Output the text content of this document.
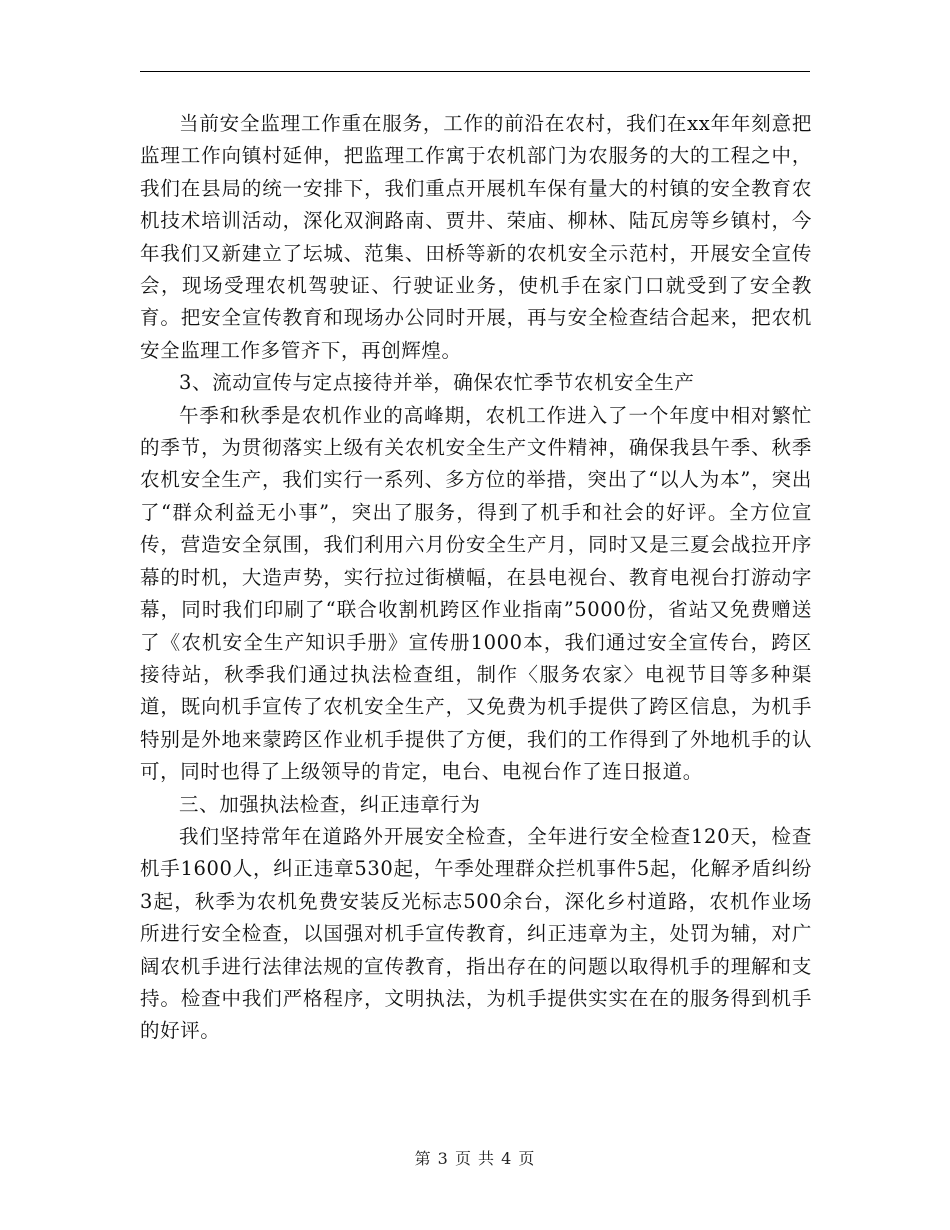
当前安全监理工作重在服务，工作的前沿在农村，我们在xx年年刻意把监理工作向镇村延伸，把监理工作寓于农机部门为农服务的大的工程之中，我们在县局的统一安排下，我们重点开展机车保有量大的村镇的安全教育农机技术培训活动，深化双涧路南、贾井、荣庙、柳林、陆瓦房等乡镇村，今年我们又新建立了坛城、范集、田桥等新的农机安全示范村，开展安全宣传会，现场受理农机驾驶证、行驶证业务，使机手在家门口就受到了安全教育。把安全宣传教育和现场办公同时开展，再与安全检查结合起来，把农机安全监理工作多管齐下，再创辉煌。

3、流动宣传与定点接待并举，确保农忙季节农机安全生产

午季和秋季是农机作业的高峰期，农机工作进入了一个年度中相对繁忙的季节，为贯彻落实上级有关农机安全生产文件精神，确保我县午季、秋季农机安全生产，我们实行一系列、多方位的举措，突出了“以人为本”，突出了“群众利益无小事”，突出了服务，得到了机手和社会的好评。全方位宣传，营造安全氛围，我们利用六月份安全生产月，同时又是三夏会战拉开序幕的时机，大造声势，实行拉过街横幅，在县电视台、教育电视台打游动字幕，同时我们印刷了“联合收割机跨区作业指南”5000份，省站又免费赠送了《农机安全生产知识手册》宣传册1000本，我们通过安全宣传台，跨区接待站，秋季我们通过执法检查组，制作〈服务农家〉电视节目等多种渠道，既向机手宣传了农机安全生产，又免费为机手提供了跨区信息，为机手特别是外地来蒙跨区作业机手提供了方便，我们的工作得到了外地机手的认可，同时也得了上级领导的肯定，电台、电视台作了连日报道。

三、加强执法检查，纠正违章行为

我们坚持常年在道路外开展安全检查，全年进行安全检查120天，检查机手1600人，纠正违章530起，午季处理群众拦机事件5起，化解矛盾纠纷3起，秋季为农机免费安装反光标志500余台，深化乡村道路，农机作业场所进行安全检查，以国强对机手宣传教育，纠正违章为主，处罚为辅，对广阔农机手进行法律法规的宣传教育，指出存在的问题以取得机手的理解和支持。检查中我们严格程序，文明执法，为机手提供实实在在的服务得到机手的好评。

第 3 页 共 4 页
